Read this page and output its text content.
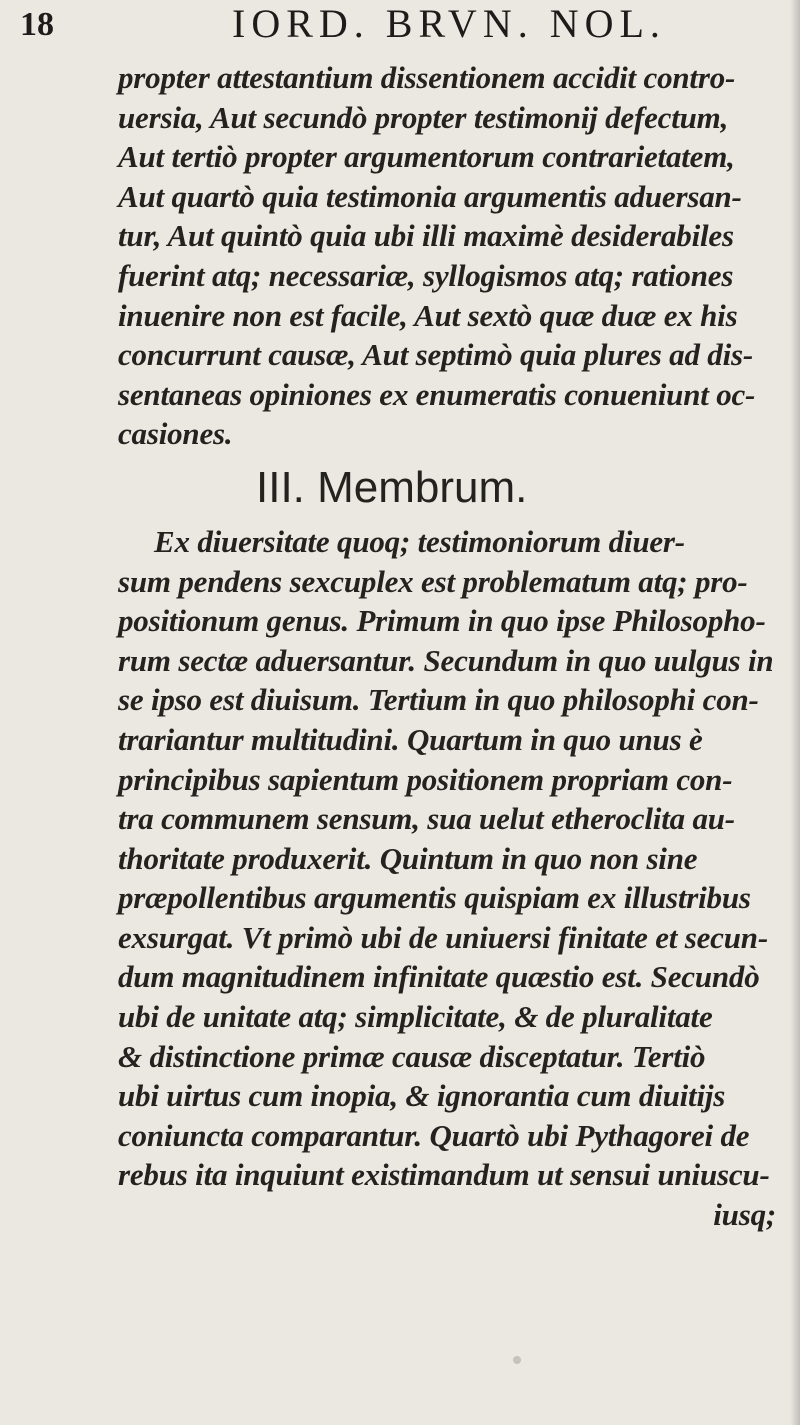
18	IORD. BRVN. NOL.
propter attestantium dissentionem accidit contro-
uersia, Aut secundò propter testimonij defectum,
Aut tertiò propter argumentorum contrarietatem,
Aut quartò quia testimonia argumentis aduersan-
tur, Aut quintò quia ubi illi maximè desiderabiles
fuerint atq; necessariæ, syllogismos atq; rationes
inuenire non est facile, Aut sextò quæ duæ ex his
concurrunt causæ, Aut septimò quia plures ad dis-
sentaneas opiniones ex enumeratis conueniunt oc-
casiones.
III. Membrum.
Ex diuersitate quoq; testimoniorum diuer-
sum pendens sexcuplex est problematum atq; pro-
positionum genus. Primum in quo ipse Philosopho-
rum sectæ aduersantur. Secundum in quo uulgus in
se ipso est diuisum. Tertium in quo philosophi con-
trariantur multitudini. Quartum in quo unus è
principibus sapientum positionem propriam con-
tra communem sensum, sua uelut etheroclita au-
thoritate produxerit. Quintum in quo non sine
præpollentibus argumentis quispiam ex illustribus
exsurgat. Vt primò ubi de uniuersi finitate et secun-
dum magnitudinem infinitate quæstio est. Secundò
ubi de unitate atq; simplicitate, & de pluralitate
& distinctione primæ causæ disceptatur. Tertiò
ubi uirtus cum inopia, & ignorantia cum diuitijs
coniuncta comparantur. Quartò ubi Pythagorei de
rebus ita inquiunt existimandum ut sensui uniuscu-
iusq;
